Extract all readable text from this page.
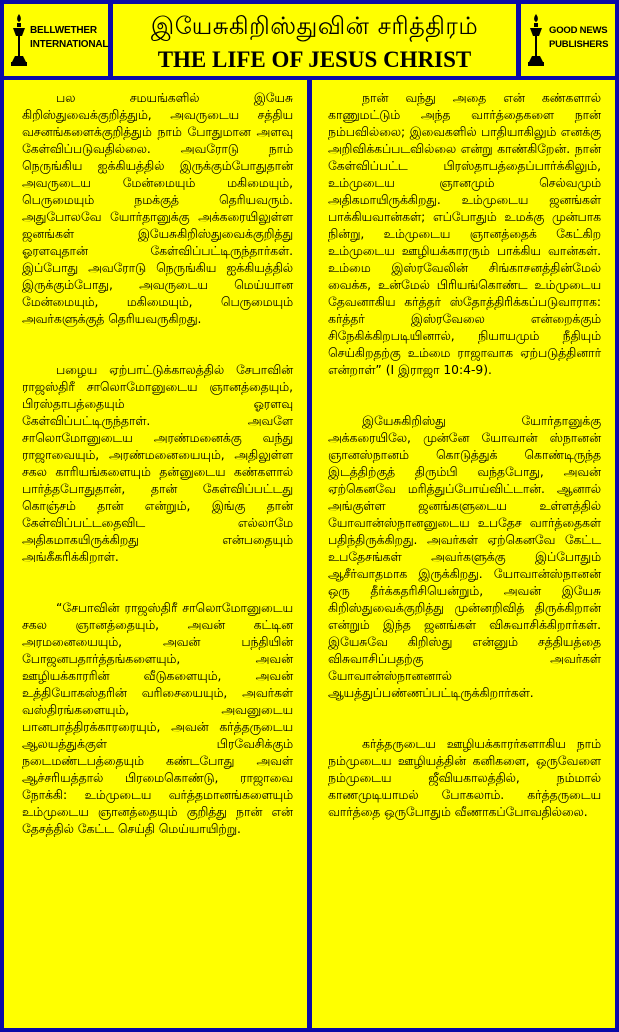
BELLWETHER
INTERNATIONAL
இயேசுகிறிஸ்துவின் சரித்திரம்
THE LIFE OF JESUS CHRIST
GOOD NEWS
PUBLISHERS

பல சமயங்களில் இயேசு கிறிஸ்துவைக்குறித்தும், அவருடைய சத்திய வசனங்களைக்குறித்தும் நாம் போதுமான அளவு கேள்விப்படுவதில்லை. அவரோடு நாம் நெருங்கிய ஐக்கியத்தில் இருக்கும்போதுதான் அவருடைய மேன்மையும் மகிமையும், பெருமையும் நமக்குத் தெரியவரும். அதுபோலவே யோர்தானுக்கு அக்கரையிலுள்ள ஜனங்கள் இயேசுகிறிஸ்துவைக்குறித்து ஓரளவுதான் கேள்விப்பட்டிருந்தார்கள். இப்போது அவரோடு நெருங்கிய ஐக்கியத்தில் இருக்கும்போது, அவருடைய மெய்யான மேன்மையும், மகிமையும், பெருமையும் அவர்களுக்குத் தெரியவருகிறது.

பழைய ஏற்பாட்டுக்காலத்தில் சேபாவின் ராஜஸ்திரீ சாலொமோனுடைய ஞானத்தையும், பிரஸ்தாபத்தையும் ஓரளவு கேள்விப்பட்டிருந்தாள். அவளே சாலொமோனுடைய அரண்மனைக்கு வந்து ராஜாவையும், அரண்மனையையும், அதிலுள்ள சகல காரியங்களையும் தன்னுடைய கண்களால் பார்த்தபோதுதான், தான் கேள்விப்பட்டது கொஞ்சம் தான் என்றும், இங்கு தான் கேள்விப்பட்டதைவிட எல்லாமே அதிகமாகயிருக்கிறது என்பதையும் அங்கீகரிக்கிறாள்.

“சேபாவின் ராஜஸ்திரீ சாலொமோனுடைய சகல ஞானத்தையும், அவன் கட்டின அரமனையையும், அவன் பந்தியின் போஜனபதார்த்தங்களையும், அவன் ஊழியக்காரரின் வீடுகளையும், அவன் உத்தியோகஸ்தரின் வரிசையையும், அவர்கள் வஸ்திரங்களையும், அவனுடைய பானபாத்திரக்காரரையும், அவன் கர்த்தருடைய ஆலயத்துக்குள் பிரவேசிக்கும் நடைமண்டபத்தையும் கண்டபோது அவள் ஆச்சரியத்தால் பிரமைகொண்டு, ராஜாவை நோக்கி: உம்முடைய வர்த்தமானங்களையும் உம்முடைய ஞானத்தையும் குறித்து நான் என் தேசத்தில் கேட்ட செய்தி மெய்யாயிற்று.

நான் வந்து அதை என் கண்களால் காணுமட்டும் அந்த வார்த்தைகளை நான் நம்பவில்லை; இவைகளில் பாதியாகிலும் எனக்கு அறிவிக்கப்படவில்லை என்று காண்கிறேன். நான் கேள்விப்பட்ட பிரஸ்தாபத்தைப்பார்க்கிலும், உம்முடைய ஞானமும் செல்வமும் அதிகமாயிருக்கிறது. உம்முடைய ஜனங்கள் பாக்கியவான்கள்; எப்போதும் உமக்கு முன்பாக நின்று, உம்முடைய ஞானத்தைக் கேட்கிற உம்முடைய ஊழியக்காரரும் பாக்கிய வான்கள். உம்மை இஸ்ரவேலின் சிங்காசனத்தின்மேல் வைக்க, உன்மேல் பிரியங்கொண்ட உம்முடைய தேவனாகிய கர்த்தர் ஸ்தோத்திரிக்கப்படுவாராக: கர்த்தர் இஸ்ரவேலை என்றைக்கும் சிநேகிக்கிறபடியினால், நியாயமும் நீதியும் செய்கிறதற்கு உம்மை ராஜாவாக ஏற்படுத்தினார் என்றாள்” (I இராஜா 10:4-9).

இயேசுகிறிஸ்து யோர்தானுக்கு அக்கரையிலே, முன்னே யோவான் ஸ்நானன் ஞானஸ்நானம் கொடுத்துக் கொண்டிருந்த இடத்திற்குத் திரும்பி வந்தபோது, அவன் ஏற்கெனவே மரித்துப்போய்விட்டான். ஆனால் அங்குள்ள ஜனங்களுடைய உள்ளத்தில் யோவான்ஸ்நானனுடைய உபதேச வார்த்தைகள் பதிந்திருக்கிறது. அவர்கள் ஏற்கெனவே கேட்ட உபதேசங்கள் அவர்களுக்கு இப்போதும் ஆசீர்வாதமாக இருக்கிறது. யோவான்ஸ்நானன் ஒரு தீர்க்கதரிசியென்றும், அவன் இயேசு கிறிஸ்துவைக்குறித்து முன்னறிவித் திருக்கிறான் என்றும் இந்த ஜனங்கள் விசுவாசிக்கிறார்கள். இயேசுவே கிறிஸ்து என்னும் சத்தியத்தை விசுவாசிப்பதற்கு அவர்கள் யோவான்ஸ்நானனால் ஆயத்துப்பண்ணப்பட்டிருக்கிறார்கள்.

கர்த்தருடைய ஊழியக்காரர்களாகிய நாம் நம்முடைய ஊழியத்தின் கனிகளை, ஒருவேளை நம்முடைய ஜீவியகாலத்தில், நம்மால் காணமுடியாமல் போகலாம். கர்த்தருடைய வார்த்தை ஒருபோதும் வீணாகப்போவதில்லை.
